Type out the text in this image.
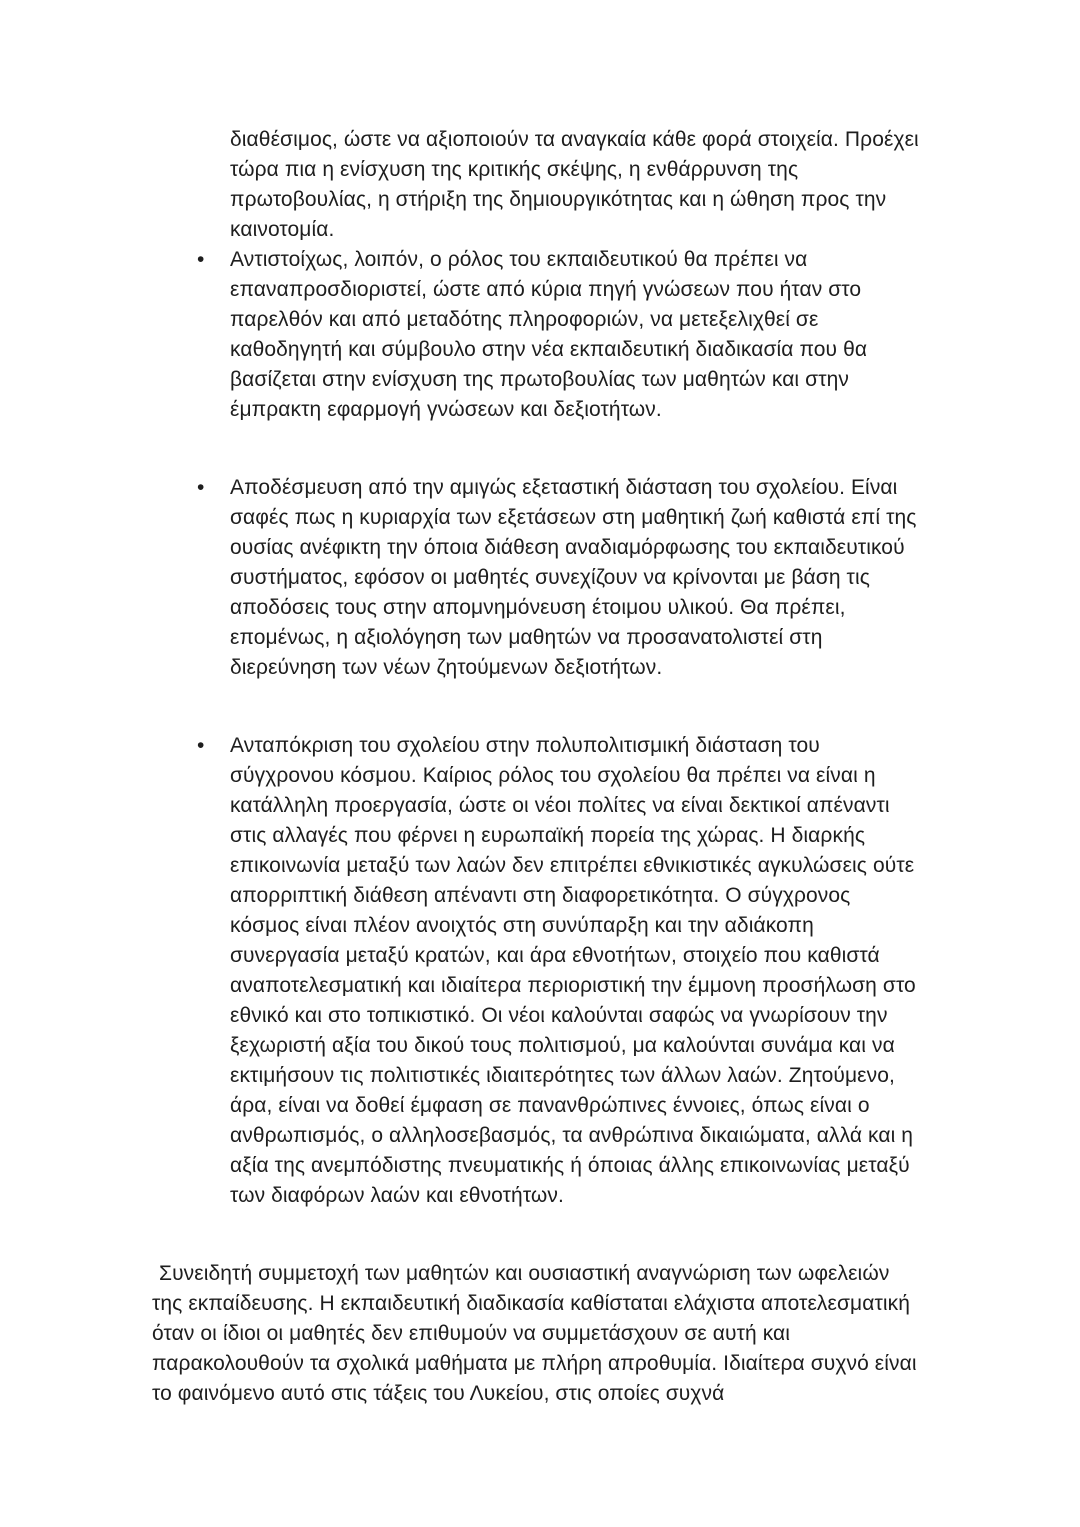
διαθέσιμος, ώστε να αξιοποιούν τα αναγκαία κάθε φορά στοιχεία. Προέχει τώρα πια η ενίσχυση της κριτικής σκέψης, η ενθάρρυνση της πρωτοβουλίας, η στήριξη της δημιουργικότητας και η ώθηση προς την καινοτομία.

•	Αντιστοίχως, λοιπόν, ο ρόλος του εκπαιδευτικού θα πρέπει να επαναπροσδιοριστεί, ώστε από κύρια πηγή γνώσεων που ήταν στο παρελθόν και από μεταδότης πληροφοριών, να μετεξελιχθεί σε καθοδηγητή και σύμβουλο στην νέα εκπαιδευτική διαδικασία που θα βασίζεται στην ενίσχυση της πρωτοβουλίας των μαθητών και στην έμπρακτη εφαρμογή γνώσεων και δεξιοτήτων.
•	Αποδέσμευση από την αμιγώς εξεταστική διάσταση του σχολείου. Είναι σαφές πως η κυριαρχία των εξετάσεων στη μαθητική ζωή καθιστά επί της ουσίας ανέφικτη την όποια διάθεση αναδιαμόρφωσης του εκπαιδευτικού συστήματος, εφόσον οι μαθητές συνεχίζουν να κρίνονται με βάση τις αποδόσεις τους στην απομνημόνευση έτοιμου υλικού. Θα πρέπει, επομένως, η αξιολόγηση των μαθητών να προσανατολιστεί στη διερεύνηση των νέων ζητούμενων δεξιοτήτων.
•	Ανταπόκριση του σχολείου στην πολυπολιτισμική διάσταση του σύγχρονου κόσμου. Καίριος ρόλος του σχολείου θα πρέπει να είναι η κατάλληλη προεργασία, ώστε οι νέοι πολίτες να είναι δεκτικοί απέναντι στις αλλαγές που φέρνει η ευρωπαϊκή πορεία της χώρας. Η διαρκής επικοινωνία μεταξύ των λαών δεν επιτρέπει εθνικιστικές αγκυλώσεις ούτε απορριπτική διάθεση απέναντι στη διαφορετικότητα. Ο σύγχρονος κόσμος είναι πλέον ανοιχτός στη συνύπαρξη και την αδιάκοπη συνεργασία μεταξύ κρατών, και άρα εθνοτήτων, στοιχείο που καθιστά αναποτελεσματική και ιδιαίτερα περιοριστική την έμμονη προσήλωση στο εθνικό και στο τοπικιστικό. Οι νέοι καλούνται σαφώς να γνωρίσουν την ξεχωριστή αξία του δικού τους πολιτισμού, μα καλούνται συνάμα και να εκτιμήσουν τις πολιτιστικές ιδιαιτερότητες των άλλων λαών. Ζητούμενο, άρα, είναι να δοθεί έμφαση σε πανανθρώπινες έννοιες, όπως είναι ο ανθρωπισμός, ο αλληλοσεβασμός, τα ανθρώπινα δικαιώματα, αλλά και η αξία της ανεμπόδιστης πνευματικής ή όποιας άλλης επικοινωνίας μεταξύ των διαφόρων λαών και εθνοτήτων.

Συνειδητή συμμετοχή των μαθητών και ουσιαστική αναγνώριση των ωφελειών της εκπαίδευσης. Η εκπαιδευτική διαδικασία καθίσταται ελάχιστα αποτελεσματική όταν οι ίδιοι οι μαθητές δεν επιθυμούν να συμμετάσχουν σε αυτή και παρακολουθούν τα σχολικά μαθήματα με πλήρη απροθυμία. Ιδιαίτερα συχνό είναι το φαινόμενο αυτό στις τάξεις του Λυκείου, στις οποίες συχνά
